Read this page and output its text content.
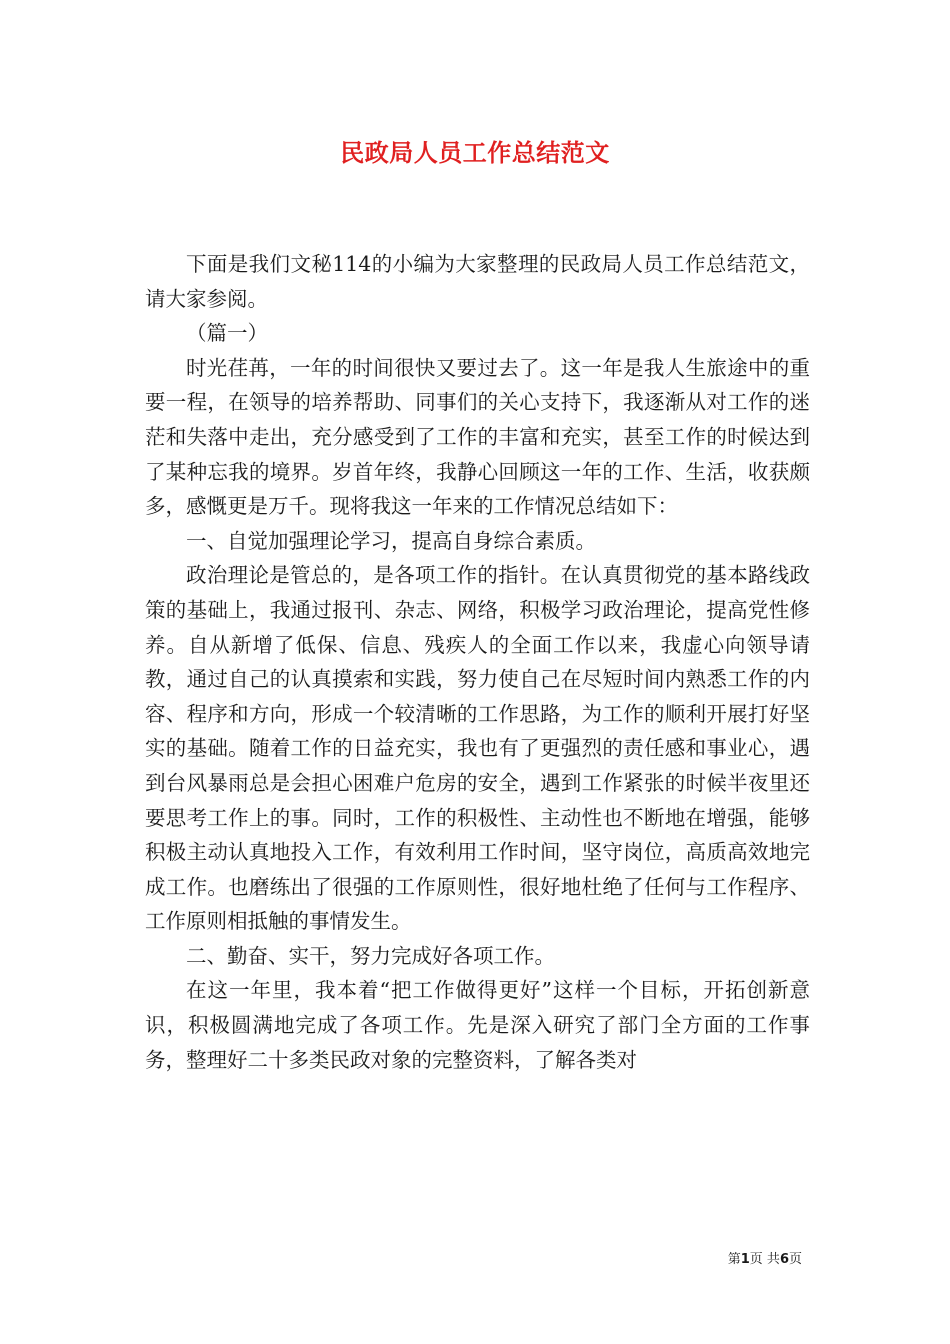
民政局人员工作总结范文

下面是我们文秘114的小编为大家整理的民政局人员工作总结范文，请大家参阅。

（篇一）

时光荏苒，一年的时间很快又要过去了。这一年是我人生旅途中的重要一程，在领导的培养帮助、同事们的关心支持下，我逐渐从对工作的迷茫和失落中走出，充分感受到了工作的丰富和充实，甚至工作的时候达到了某种忘我的境界。岁首年终，我静心回顾这一年的工作、生活，收获颇多，感慨更是万千。现将我这一年来的工作情况总结如下：

一、自觉加强理论学习，提高自身综合素质。

政治理论是管总的，是各项工作的指针。在认真贯彻党的基本路线政策的基础上，我通过报刊、杂志、网络，积极学习政治理论，提高党性修养。自从新增了低保、信息、残疾人的全面工作以来，我虚心向领导请教，通过自己的认真摸索和实践，努力使自己在尽短时间内熟悉工作的内容、程序和方向，形成一个较清晰的工作思路，为工作的顺利开展打好坚实的基础。随着工作的日益充实，我也有了更强烈的责任感和事业心，遇到台风暴雨总是会担心困难户危房的安全，遇到工作紧张的时候半夜里还要思考工作上的事。同时，工作的积极性、主动性也不断地在增强，能够积极主动认真地投入工作，有效利用工作时间，坚守岗位，高质高效地完成工作。也磨练出了很强的工作原则性，很好地杜绝了任何与工作程序、工作原则相抵触的事情发生。

二、勤奋、实干，努力完成好各项工作。

在这一年里，我本着“把工作做得更好”这样一个目标，开拓创新意识，积极圆满地完成了各项工作。先是深入研究了部门全方面的工作事务，整理好二十多类民政对象的完整资料，了解各类对

第1页 共6页
